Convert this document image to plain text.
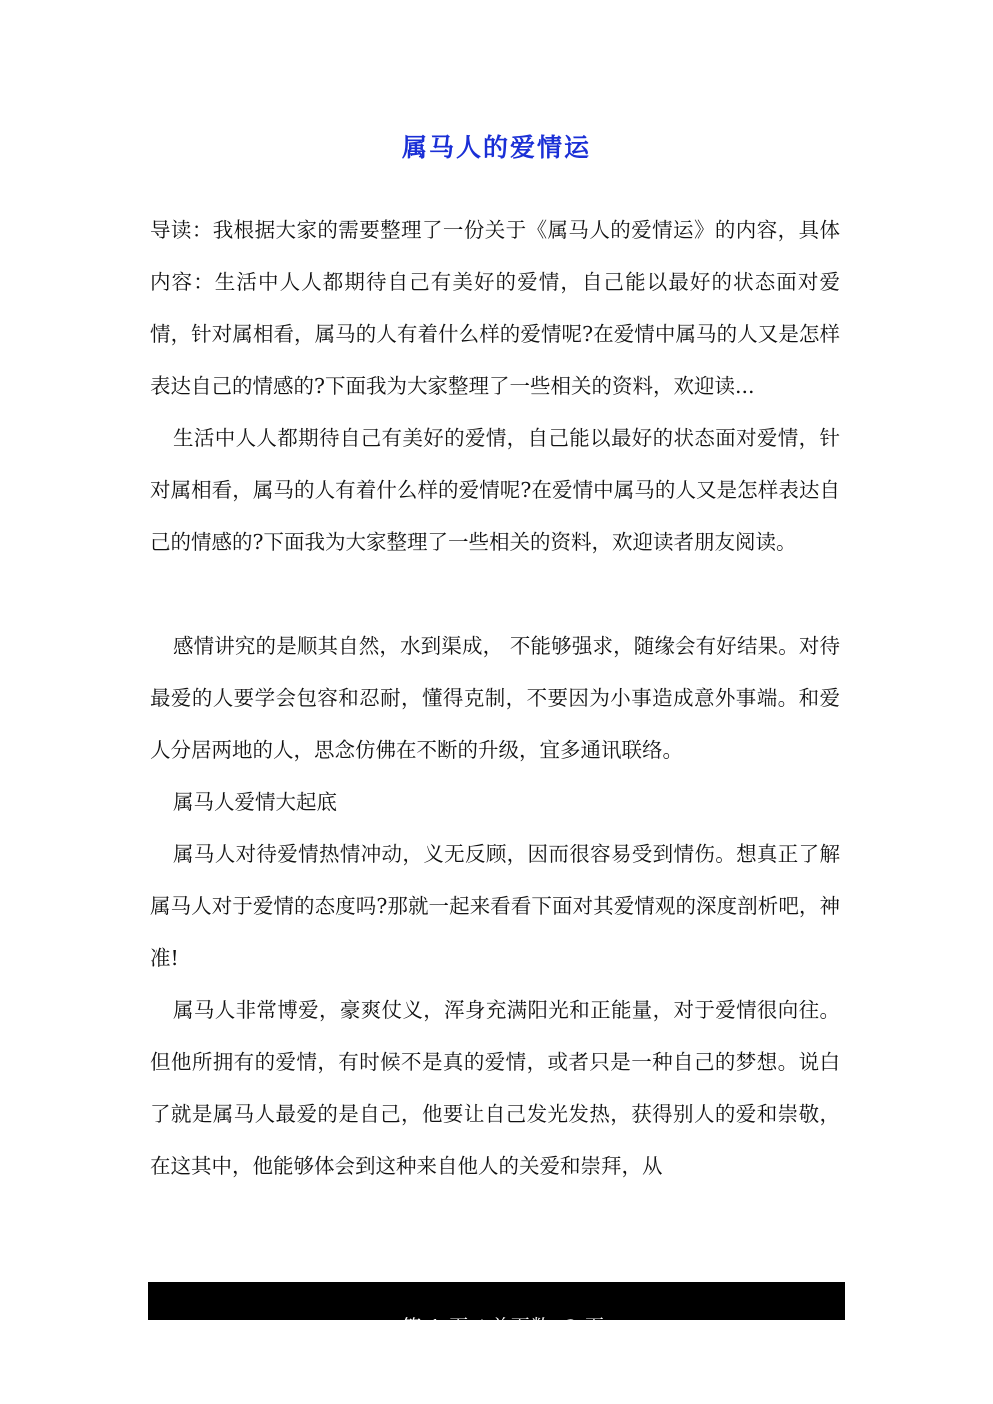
属马人的爱情运

导读：我根据大家的需要整理了一份关于《属马人的爱情运》的内容，具体内容：生活中人人都期待自己有美好的爱情，自己能以最好的状态面对爱情，针对属相看，属马的人有着什么样的爱情呢?在爱情中属马的人又是怎样表达自己的情感的?下面我为大家整理了一些相关的资料，欢迎读...

生活中人人都期待自己有美好的爱情，自己能以最好的状态面对爱情，针对属相看，属马的人有着什么样的爱情呢?在爱情中属马的人又是怎样表达自己的情感的?下面我为大家整理了一些相关的资料，欢迎读者朋友阅读。

感情讲究的是顺其自然，水到渠成， 不能够强求，随缘会有好结果。对待最爱的人要学会包容和忍耐，懂得克制，不要因为小事造成意外事端。和爱人分居两地的人，思念仿佛在不断的升级，宜多通讯联络。

属马人爱情大起底

属马人对待爱情热情冲动，义无反顾，因而很容易受到情伤。想真正了解属马人对于爱情的态度吗?那就一起来看看下面对其爱情观的深度剖析吧，神准!

属马人非常博爱，豪爽仗义，浑身充满阳光和正能量，对于爱情很向往。但他所拥有的爱情，有时候不是真的爱情，或者只是一种自己的梦想。说白了就是属马人最爱的是自己，他要让自己发光发热，获得别人的爱和崇敬，在这其中，他能够体会到这种来自他人的关爱和崇拜，从

第 1 页 / 总页数  3 页
